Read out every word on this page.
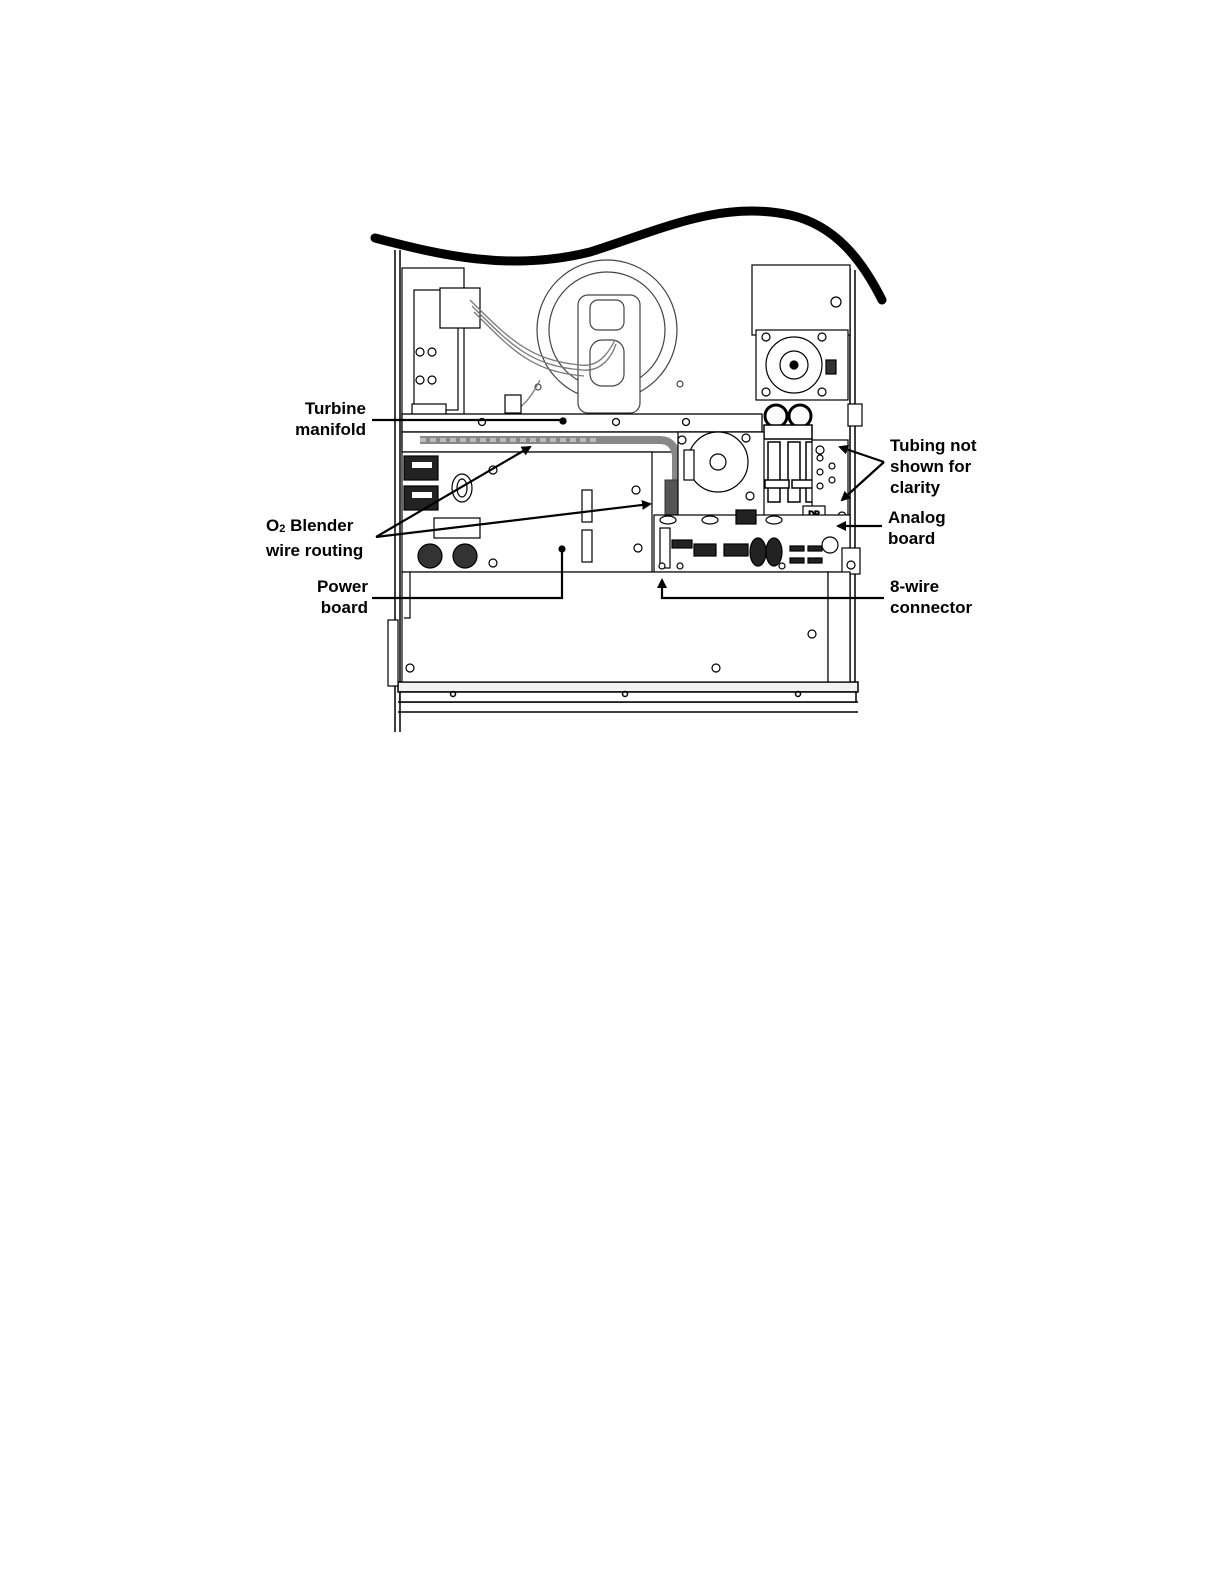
Turbine
manifold
O2 Blender
wire routing
Power
board
Tubing not
shown for
clarity
Analog
board
8-wire
connector
